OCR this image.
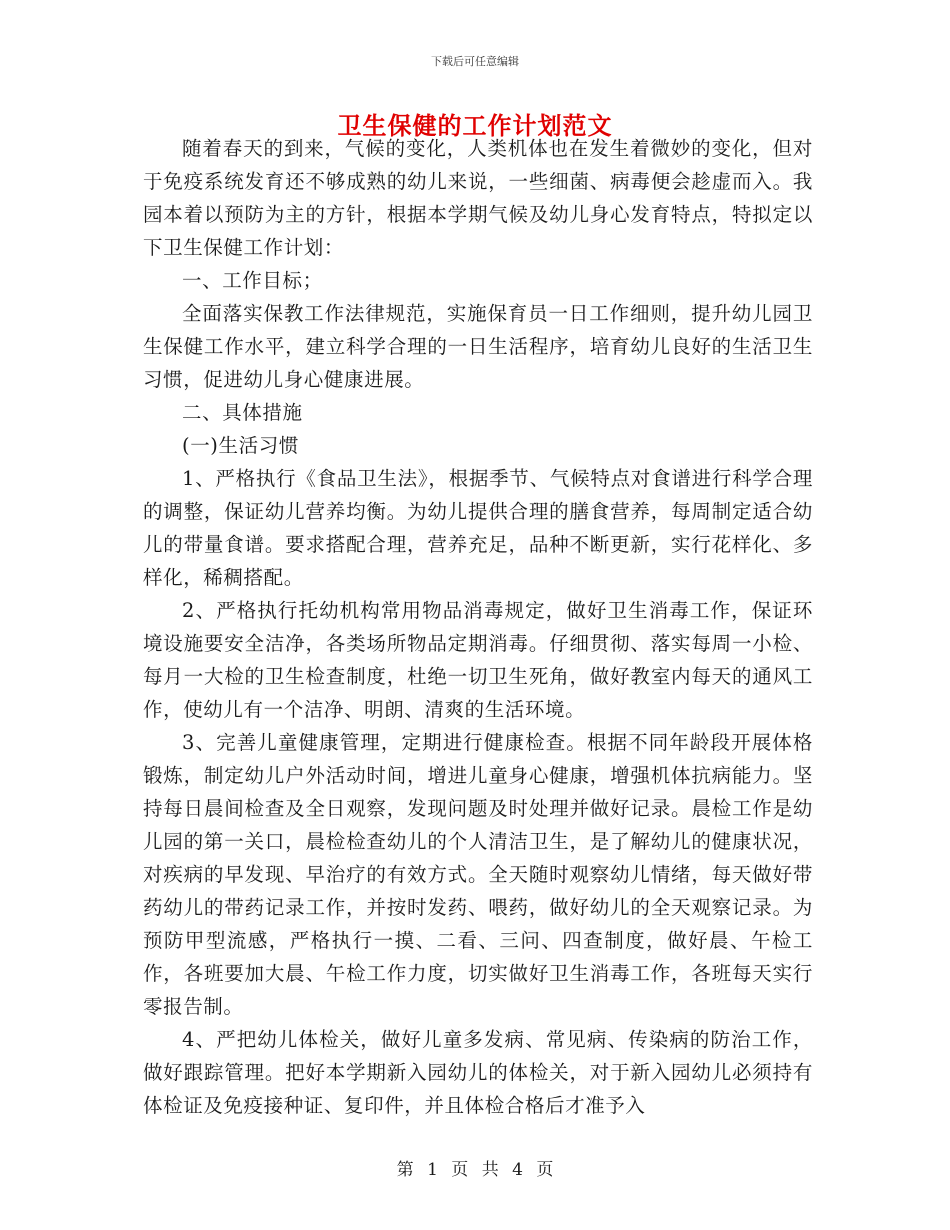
下载后可任意编辑
卫生保健的工作计划范文

随着春天的到来，气候的变化，人类机体也在发生着微妙的变化，但对于免疫系统发育还不够成熟的幼儿来说，一些细菌、病毒便会趁虚而入。我园本着以预防为主的方针，根据本学期气候及幼儿身心发育特点，特拟定以下卫生保健工作计划：

一、工作目标；

全面落实保教工作法律规范，实施保育员一日工作细则，提升幼儿园卫生保健工作水平，建立科学合理的一日生活程序，培育幼儿良好的生活卫生习惯，促进幼儿身心健康进展。

二、具体措施

(一)生活习惯

1、严格执行《食品卫生法》，根据季节、气候特点对食谱进行科学合理的调整，保证幼儿营养均衡。为幼儿提供合理的膳食营养，每周制定适合幼儿的带量食谱。要求搭配合理，营养充足，品种不断更新，实行花样化、多样化，稀稠搭配。

2、严格执行托幼机构常用物品消毒规定，做好卫生消毒工作，保证环境设施要安全洁净，各类场所物品定期消毒。仔细贯彻、落实每周一小检、每月一大检的卫生检查制度，杜绝一切卫生死角，做好教室内每天的通风工作，使幼儿有一个洁净、明朗、清爽的生活环境。

3、完善儿童健康管理，定期进行健康检查。根据不同年龄段开展体格锻炼，制定幼儿户外活动时间，增进儿童身心健康，增强机体抗病能力。坚持每日晨间检查及全日观察，发现问题及时处理并做好记录。晨检工作是幼儿园的第一关口，晨检检查幼儿的个人清洁卫生，是了解幼儿的健康状况，对疾病的早发现、早治疗的有效方式。全天随时观察幼儿情绪，每天做好带药幼儿的带药记录工作，并按时发药、喂药，做好幼儿的全天观察记录。为预防甲型流感，严格执行一摸、二看、三问、四查制度，做好晨、午检工作，各班要加大晨、午检工作力度，切实做好卫生消毒工作，各班每天实行零报告制。

4、严把幼儿体检关，做好儿童多发病、常见病、传染病的防治工作，做好跟踪管理。把好本学期新入园幼儿的体检关，对于新入园幼儿必须持有体检证及免疫接种证、复印件，并且体检合格后才准予入

第 1 页 共 4 页
